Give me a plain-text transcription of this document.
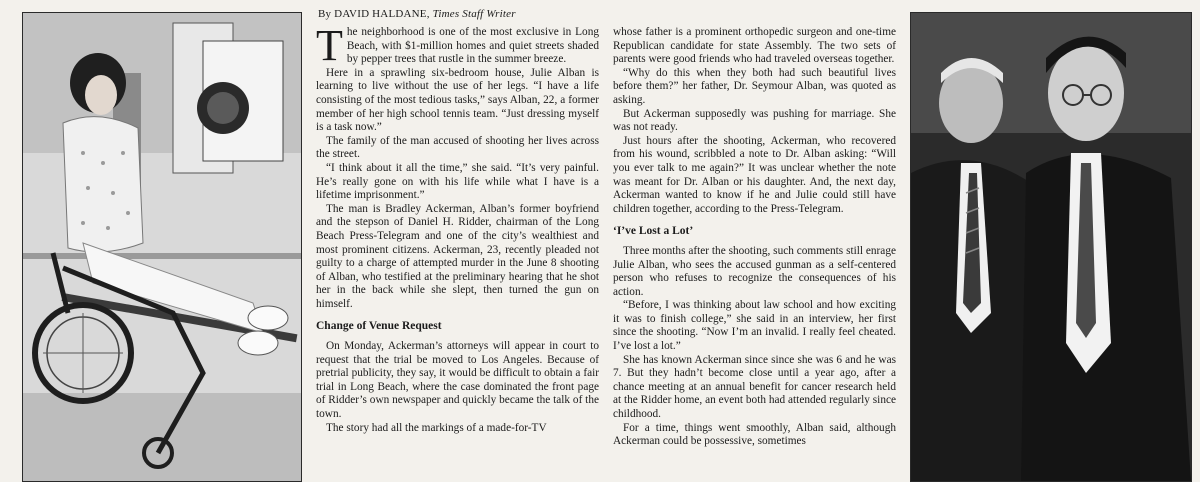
By DAVID HALDANE, Times Staff Writer

The neighborhood is one of the most exclusive in Long Beach, with $1-million homes and quiet streets shaded by pepper trees that rustle in the summer breeze.

Here in a sprawling six-bedroom house, Julie Alban is learning to live without the use of her legs. “I have a life consisting of the most tedious tasks,” says Alban, 22, a former member of her high school tennis team. “Just dressing myself is a task now.”

The family of the man accused of shooting her lives across the street.

“I think about it all the time,” she said. “It’s very painful. He’s really gone on with his life while what I have is a lifetime imprisonment.”

The man is Bradley Ackerman, Alban’s former boyfriend and the stepson of Daniel H. Ridder, chairman of the Long Beach Press-Telegram and one of the city’s wealthiest and most prominent citizens. Ackerman, 23, recently pleaded not guilty to a charge of attempted murder in the June 8 shooting of Alban, who testified at the preliminary hearing that he shot her in the back while she slept, then turned the gun on himself.

Change of Venue Request

On Monday, Ackerman’s attorneys will appear in court to request that the trial be moved to Los Angeles. Because of pretrial publicity, they say, it would be difficult to obtain a fair trial in Long Beach, where the case dominated the front page of Ridder’s own newspaper and quickly became the talk of the town.

The story had all the markings of a made-for-TV

whose father is a prominent orthopedic surgeon and one-time Republican candidate for state Assembly. The two sets of parents were good friends who had traveled overseas together.

“Why do this when they both had such beautiful lives before them?” her father, Dr. Seymour Alban, was quoted as asking.

But Ackerman supposedly was pushing for marriage. She was not ready.

Just hours after the shooting, Ackerman, who recovered from his wound, scribbled a note to Dr. Alban asking: “Will you ever talk to me again?” It was unclear whether the note was meant for Dr. Alban or his daughter. And, the next day, Ackerman wanted to know if he and Julie could still have children together, according to the Press-Telegram.

‘I’ve Lost a Lot’

Three months after the shooting, such comments still enrage Julie Alban, who sees the accused gunman as a self-centered person who refuses to recognize the consequences of his action.

“Before, I was thinking about law school and how exciting it was to finish college,” she said in an interview, her first since the shooting. “Now I’m an invalid. I really feel cheated. I’ve lost a lot.”

She has known Ackerman since since she was 6 and he was 7. But they hadn’t become close until a year ago, after a chance meeting at an annual benefit for cancer research held at the Ridder home, an event both had attended regularly since childhood.

For a time, things went smoothly, Alban said, although Ackerman could be possessive, sometimes
